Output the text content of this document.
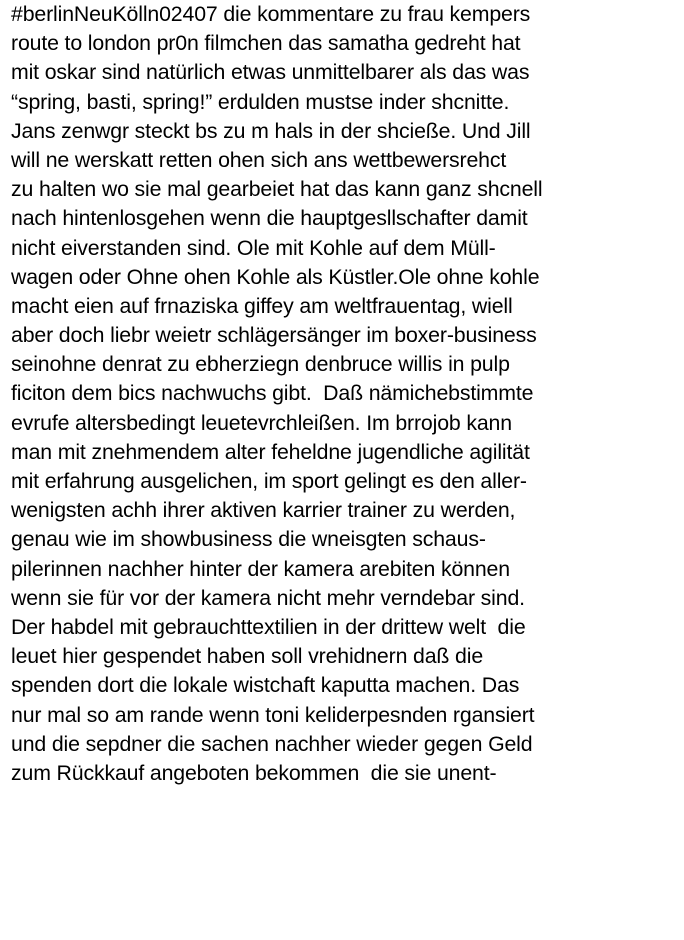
#berlinNeuKölln02407 die kommentare zu frau kempers
route to london pr0n filmchen das samatha gedreht hat
mit oskar sind natürlich etwas unmittelbarer als das was
“spring, basti, spring!” erdulden mustse inder shcnitte.
Jans zenwgr steckt bs zu m hals in der shcieße. Und Jill
will ne werskatt retten ohen sich ans wettbewersrehct
zu halten wo sie mal gearbeiet hat das kann ganz shcnell
nach hintenlosgehen wenn die hauptgesllschafter damit
nicht eiverstanden sind. Ole mit Kohle auf dem Müll-
wagen oder Ohne ohen Kohle als Küstler.Ole ohne kohle
macht eien auf frnaziska giffey am weltfrauentag, wiell
aber doch liebr weietr schlägersänger im boxer-business
seinohne denrat zu ebherziegn denbruce willis in pulp
ficiton dem bics nachwuchs gibt.  Daß nämichebstimmte
evrufe altersbedingt leuetevrchleißen. Im brrojob kann
man mit znehmendem alter feheldne jugendliche agilität
mit erfahrung ausgelichen, im sport gelingt es den aller-
wenigsten achh ihrer aktiven karrier trainer zu werden,
genau wie im showbusiness die wneisgten schaus-
pilerinnen nachher hinter der kamera arebiten können
wenn sie für vor der kamera nicht mehr verndebar sind.
Der habdel mit gebrauchttextilien in der drittew welt  die
leuet hier gespendet haben soll vrehidnern daß die
spenden dort die lokale wistchaft kaputta machen. Das
nur mal so am rande wenn toni keliderpesnden rgansiert
und die sepdner die sachen nachher wieder gegen Geld
zum Rückkauf angeboten bekommen  die sie unent-
